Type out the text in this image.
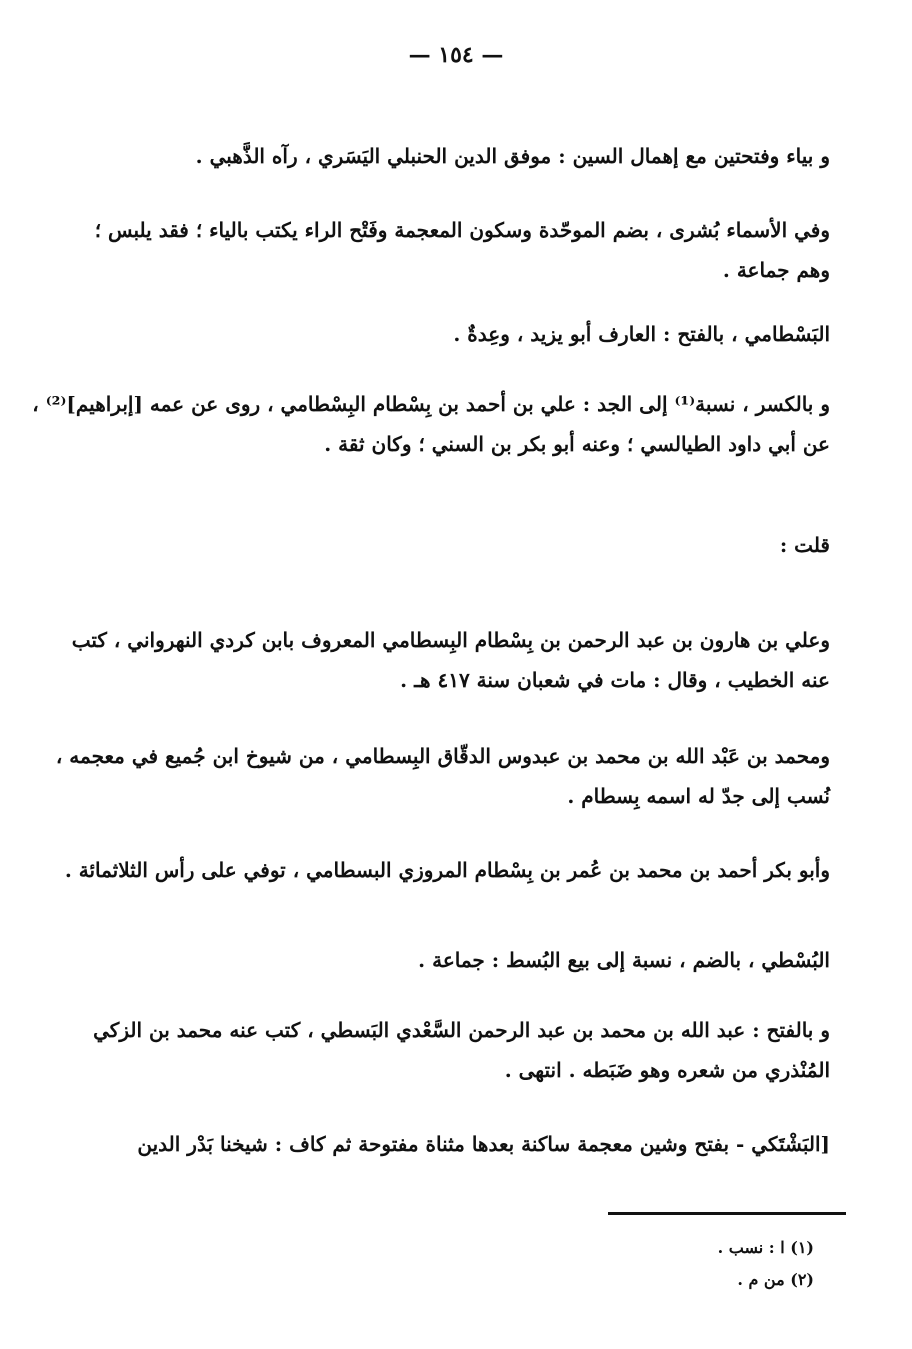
— ١٥٤ —
و بياء وفتحتين مع إهمال السين : موفق الدين الحنبلي اليَسَري ، رآه الذَّهبي .
وفي الأسماء بُشرى ، بضم الموحّدة وسكون المعجمة وفَتْح الراء يكتب بالياء ؛ فقد يلبس ؛
وهم جماعة .
البَسْطامي ، بالفتح : العارف أبو يزيد ، وعِدةٌ .
و بالكسر ، نسبة⁽¹⁾ إلى الجد : علي بن أحمد بن بِسْطام البِسْطامي ، روى عن عمه [إبراهيم]⁽²⁾ ،
عن أبي داود الطيالسي ؛ وعنه أبو بكر بن السني ؛ وكان ثقة .
قلت :
وعلي بن هارون بن عبد الرحمن بن بِسْطام البِسطامي المعروف بابن كردي النهرواني ، كتب
عنه الخطيب ، وقال : مات في شعبان سنة ٤١٧ هـ .
ومحمد بن عَبْد الله بن محمد بن عبدوس الدقّاق البِسطامي ، من شيوخ ابن جُميع في معجمه ،
نُسب إلى جدّ له اسمه بِسطام .
وأبو بكر أحمد بن محمد بن عُمر بن بِسْطام المروزي البسطامي ، توفي على رأس الثلاثمائة .
البُسْطي ، بالضم ، نسبة إلى بيع البُسط : جماعة .
و بالفتح : عبد الله بن محمد بن عبد الرحمن السَّعْدي البَسطي ، كتب عنه محمد بن الزكي
المُنْذري من شعره وهو ضَبَطه . انتهى .
[البَشْتَكي - بفتح وشين معجمة ساكنة بعدها مثناة مفتوحة ثم كاف : شيخنا بَدْر الدين
(١) ا : نسب .
(٢) من م .
